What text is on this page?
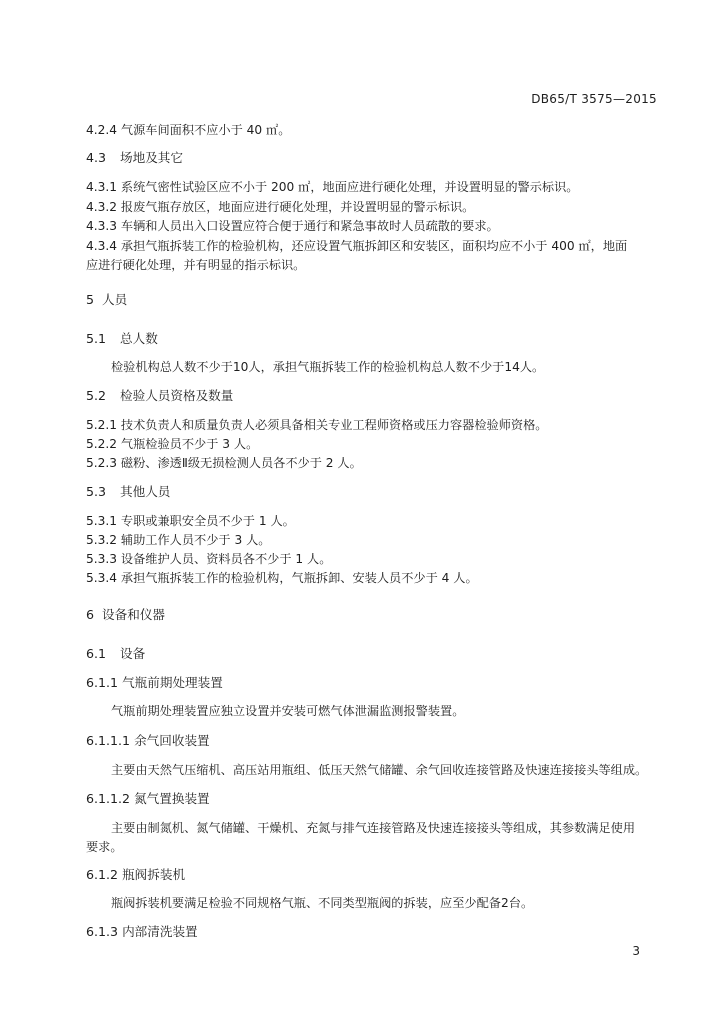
DB65/T 3575—2015
4.2.4 气源车间面积不应小于 40 ㎡。
4.3 场地及其它
4.3.1 系统气密性试验区应不小于 200 ㎡，地面应进行硬化处理，并设置明显的警示标识。
4.3.2 报废气瓶存放区，地面应进行硬化处理，并设置明显的警示标识。
4.3.3 车辆和人员出入口设置应符合便于通行和紧急事故时人员疏散的要求。
4.3.4 承担气瓶拆装工作的检验机构，还应设置气瓶拆卸区和安装区，面积均应不小于 400 ㎡，地面
应进行硬化处理，并有明显的指示标识。
5 人员
5.1 总人数
检验机构总人数不少于10人，承担气瓶拆装工作的检验机构总人数不少于14人。
5.2 检验人员资格及数量
5.2.1 技术负责人和质量负责人必须具备相关专业工程师资格或压力容器检验师资格。
5.2.2 气瓶检验员不少于 3 人。
5.2.3 磁粉、渗透Ⅱ级无损检测人员各不少于 2 人。
5.3 其他人员
5.3.1 专职或兼职安全员不少于 1 人。
5.3.2 辅助工作人员不少于 3 人。
5.3.3 设备维护人员、资料员各不少于 1 人。
5.3.4 承担气瓶拆装工作的检验机构，气瓶拆卸、安装人员不少于 4 人。
6 设备和仪器
6.1 设备
6.1.1 气瓶前期处理装置
气瓶前期处理装置应独立设置并安装可燃气体泄漏监测报警装置。
6.1.1.1 余气回收装置
主要由天然气压缩机、高压站用瓶组、低压天然气储罐、余气回收连接管路及快速连接接头等组成。
6.1.1.2 氮气置换装置
主要由制氮机、氮气储罐、干燥机、充氮与排气连接管路及快速连接接头等组成，其参数满足使用
要求。
6.1.2 瓶阀拆装机
瓶阀拆装机要满足检验不同规格气瓶、不同类型瓶阀的拆装，应至少配备2台。
6.1.3 内部清洗装置
3
